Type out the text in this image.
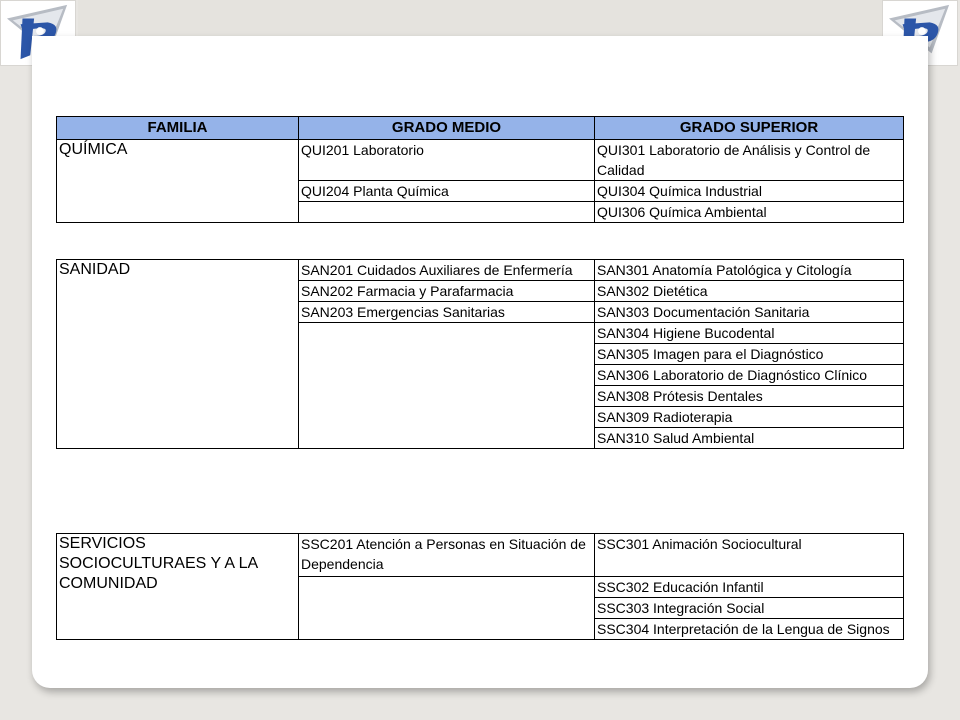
FAMILIA	GRADO MEDIO	GRADO SUPERIOR
QUÍMICA	QUI201 Laboratorio	QUI301 Laboratorio de Análisis y Control de Calidad
	QUI204 Planta Química	QUI304 Química Industrial
		QUI306 Química Ambiental
SANIDAD	SAN201 Cuidados Auxiliares de Enfermería	SAN301 Anatomía Patológica y Citología
	SAN202 Farmacia y Parafarmacia	SAN302 Dietética
	SAN203 Emergencias Sanitarias	SAN303 Documentación Sanitaria
		SAN304 Higiene Bucodental
		SAN305 Imagen para el Diagnóstico
		SAN306 Laboratorio de Diagnóstico Clínico
		SAN308 Prótesis Dentales
		SAN309 Radioterapia
		SAN310 Salud Ambiental
SERVICIOS SOCIOCULTURAES Y A LA COMUNIDAD	SSC201 Atención a Personas en Situación de Dependencia	SSC301 Animación Sociocultural
		SSC302 Educación Infantil
		SSC303 Integración Social
		SSC304 Interpretación de la Lengua de Signos
